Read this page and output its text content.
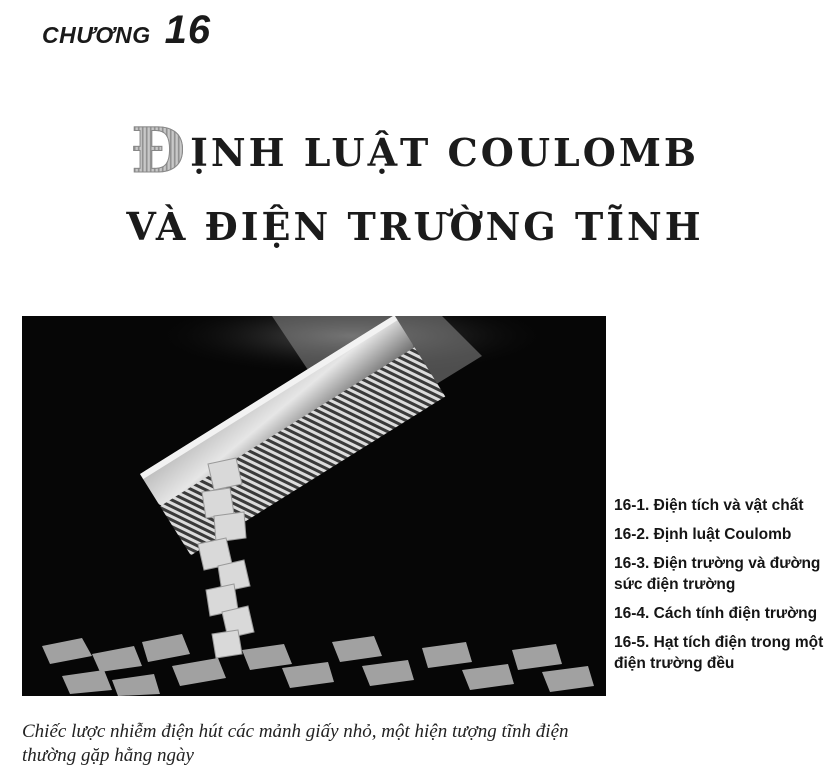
CHƯƠNG 16
ĐỊNH LUẬT COULOMB
VÀ ĐIỆN TRƯỜNG TĨNH
16-1. Điện tích và vật chất
16-2. Định luật Coulomb
16-3. Điện trường và đường sức điện trường
16-4. Cách tính điện trường
16-5. Hạt tích điện trong một điện trường đều
Chiếc lược nhiễm điện hút các mảnh giấy nhỏ, một hiện tượng tĩnh điện thường gặp hằng ngày
